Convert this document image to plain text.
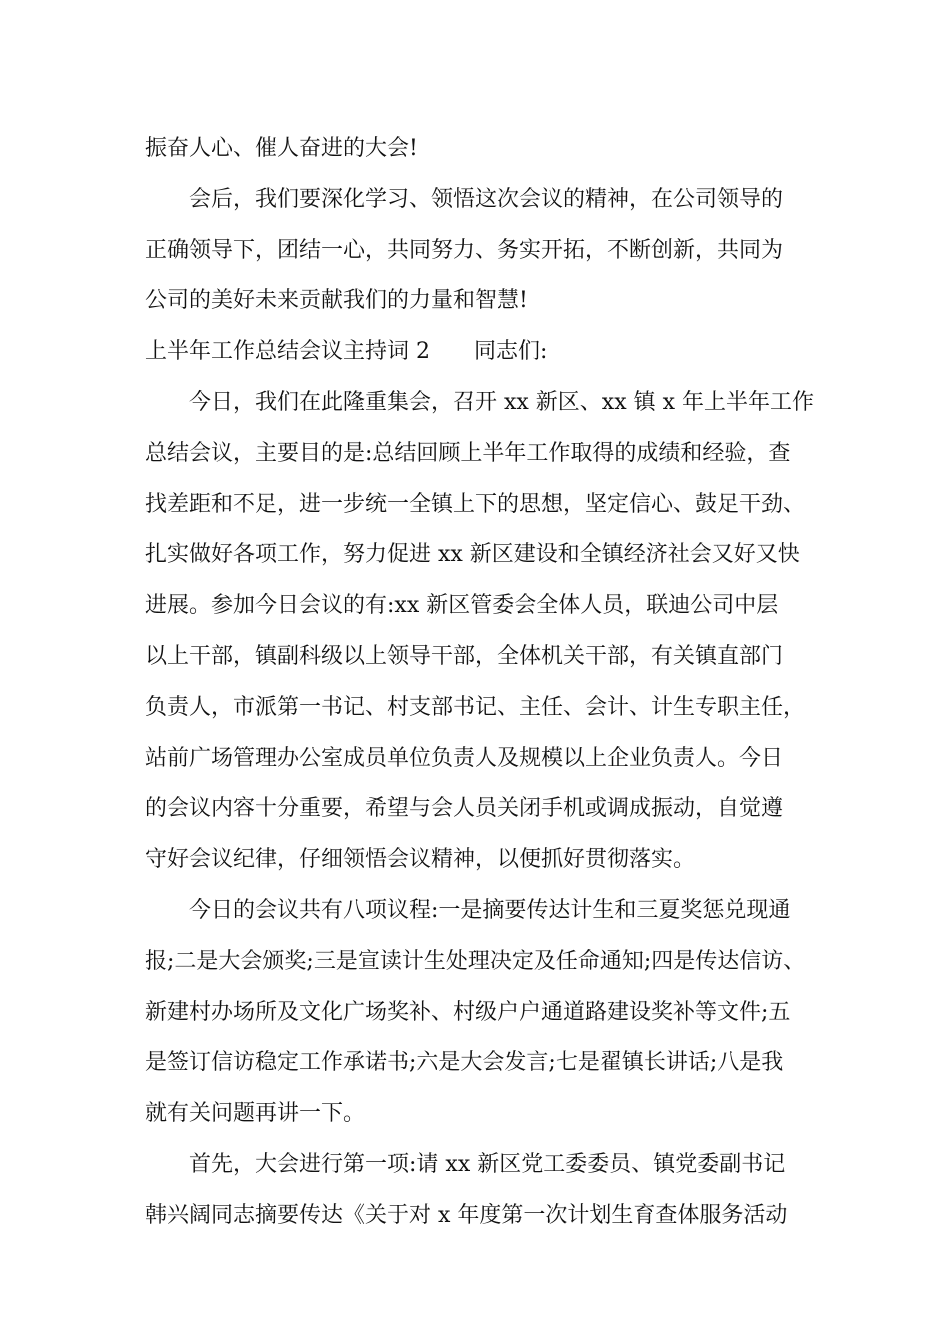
振奋人心、催人奋进的大会!
会后，我们要深化学习、领悟这次会议的精神，在公司领导的
正确领导下，团结一心，共同努力、务实开拓，不断创新，共同为
公司的美好未来贡献我们的力量和智慧!
上半年工作总结会议主持词 2 同志们:
今日，我们在此隆重集会，召开 xx 新区、xx 镇 x 年上半年工作
总结会议，主要目的是:总结回顾上半年工作取得的成绩和经验，查
找差距和不足，进一步统一全镇上下的思想，坚定信心、鼓足干劲、
扎实做好各项工作，努力促进 xx 新区建设和全镇经济社会又好又快
进展。参加今日会议的有:xx 新区管委会全体人员，联迪公司中层
以上干部，镇副科级以上领导干部，全体机关干部，有关镇直部门
负责人，市派第一书记、村支部书记、主任、会计、计生专职主任，
站前广场管理办公室成员单位负责人及规模以上企业负责人。今日
的会议内容十分重要，希望与会人员关闭手机或调成振动，自觉遵
守好会议纪律，仔细领悟会议精神，以便抓好贯彻落实。
今日的会议共有八项议程:一是摘要传达计生和三夏奖惩兑现通
报;二是大会颁奖;三是宣读计生处理决定及任命通知;四是传达信访、
新建村办场所及文化广场奖补、村级户户通道路建设奖补等文件;五
是签订信访稳定工作承诺书;六是大会发言;七是翟镇长讲话;八是我
就有关问题再讲一下。
首先，大会进行第一项:请 xx 新区党工委委员、镇党委副书记
韩兴阔同志摘要传达《关于对 x 年度第一次计划生育查体服务活动
